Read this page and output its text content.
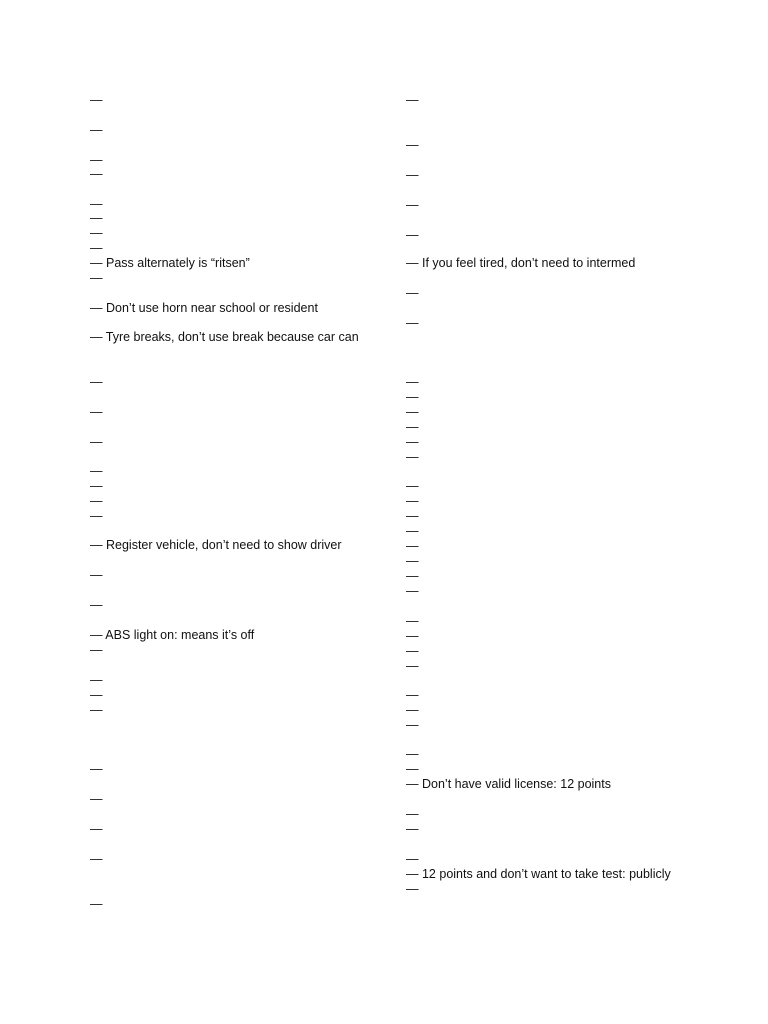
—
—
—
—
—
—
—
—
— Pass alternately is “ritsen”
—
— Don’t use horn near school or resident
— Tyre breaks, don’t use break because car can
—
—
—
—
—
—
—
— Register vehicle, don’t need to show driver
—
—
— ABS light on: means it’s off
—
—
—
—
—
—
—
—
—
—
—
—
—
—
— If you feel tired, don’t need to intermed
—
—
—
—
—
—
—
—
—
—
—
—
—
—
—
—
—
—
—
—
—
—
—
—
—
— Don’t have valid license: 12 points
—
—
—
— 12 points and don’t want to take test: publicly
—
